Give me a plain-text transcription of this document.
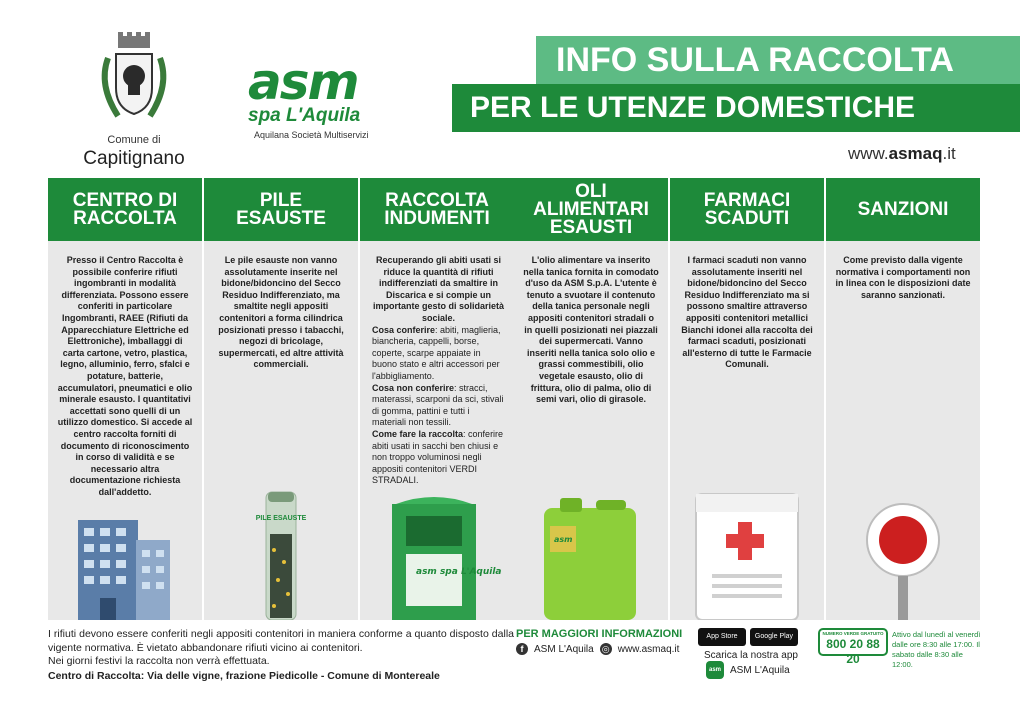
Comune di
Capitignano
asm
spa L'Aquila
Aquilana Società Multiservizi
INFO SULLA RACCOLTA
PER LE UTENZE DOMESTICHE
www.asmaq.it
CENTRO DI
RACCOLTA
Presso il Centro Raccolta è possibile conferire rifiuti ingombranti in modalità differenziata. Possono essere conferiti in particolare Ingombranti, RAEE (Rifiuti da Apparecchiature Elettriche ed Elettroniche), imballaggi di carta cartone, vetro, plastica, legno, alluminio, ferro, sfalci e potature, batterie, accumulatori, pneumatici e olio minerale esausto. I quantitativi accettati sono quelli di un utilizzo domestico. Si accede al centro raccolta forniti di documento di riconoscimento in corso di validità e se necessario altra documentazione richiesta dall'addetto.
PILE
ESAUSTE
Le pile esauste non vanno assolutamente inserite nel bidone/bidoncino del Secco Residuo Indifferenziato, ma smaltite negli appositi contenitori a forma cilindrica posizionati presso i tabacchi, negozi di bricolage, supermercati, ed altre attività commerciali.
PILE ESAUSTE
RACCOLTA
INDUMENTI
Recuperando gli abiti usati si riduce la quantità di rifiuti indifferenziati da smaltire in Discarica e si compie un importante gesto di solidarietà sociale.
Cosa conferire: abiti, maglieria, biancheria, cappelli, borse, coperte, scarpe appaiate in buono stato e altri accessori per l'abbigliamento.
Cosa non conferire: stracci, materassi, scarponi da sci, stivali di gomma, pattini e tutti i materiali non tessili.
Come fare la raccolta: conferire abiti usati in sacchi ben chiusi e non troppo voluminosi negli appositi contenitori VERDI STRADALI.
asm spa L'Aquila
OLI
ALIMENTARI
ESAUSTI
L'olio alimentare va inserito nella tanica fornita in comodato d'uso da ASM S.p.A. L'utente è tenuto a svuotare il contenuto della tanica personale negli appositi contenitori stradali o in quelli posizionati nei piazzali dei supermercati. Vanno inseriti nella tanica solo olio e grassi commestibili, olio vegetale esausto, olio di frittura, olio di palma, olio di semi vari, olio di girasole.
asm
FARMACI
SCADUTI
I farmaci scaduti non vanno assolutamente inseriti nel bidone/bidoncino del Secco Residuo Indifferenziato ma si possono smaltire attraverso appositi contenitori metallici Bianchi idonei alla raccolta dei farmaci scaduti, posizionati all'esterno di tutte le Farmacie Comunali.
SANZIONI
Come previsto dalla vigente normativa i comportamenti non in linea con le disposizioni date saranno sanzionati.
I rifiuti devono essere conferiti negli appositi contenitori in maniera conforme a quanto disposto dalla vigente normativa. È vietato abbandonare rifiuti vicino ai contenitori.
Nei giorni festivi la raccolta non verrà effettuata.
Centro di Raccolta: Via delle vigne, frazione Piedicolle - Comune di Montereale
PER MAGGIORI INFORMAZIONI
f	ASM L'Aquila ◎ www.asmaq.it
App Store	Google Play
Scarica la nostra app
asm ASM L'Aquila
NUMERO VERDE GRATUITO
800 20 88 20
Attivo dal lunedì al venerdì dalle ore 8:30 alle 17:00. Il sabato dalle 8:30 alle 12:00.
